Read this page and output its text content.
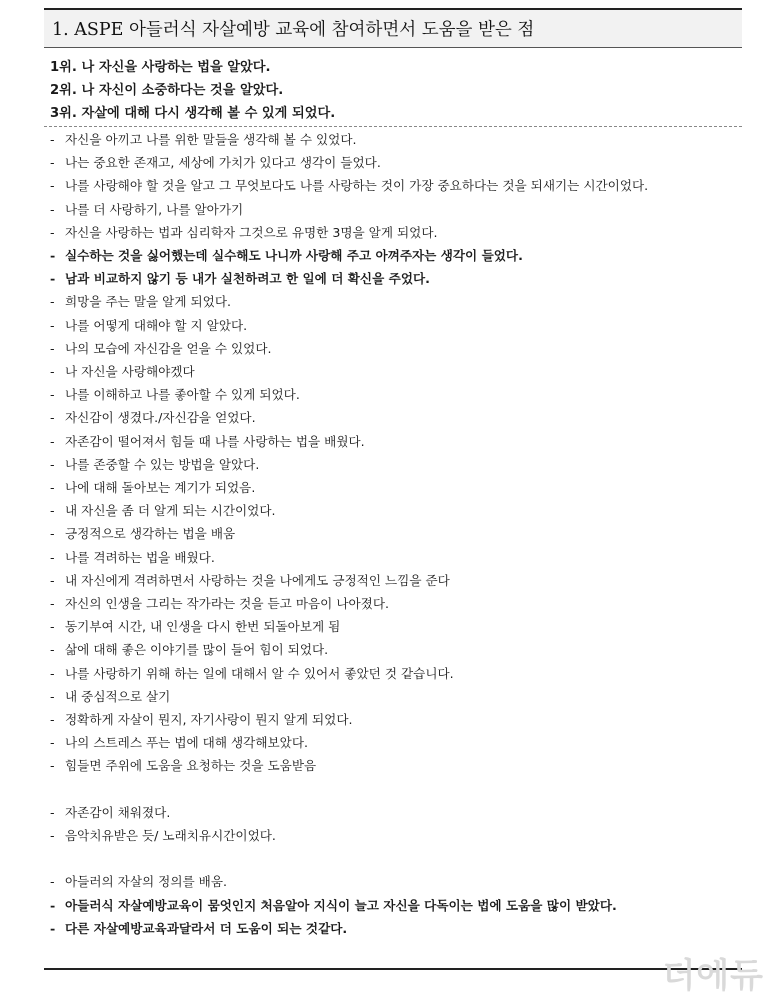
1. ASPE 아들러식 자살예방 교육에 참여하면서 도움을 받은 점
1위. 나 자신을 사랑하는 법을 알았다.
2위. 나 자신이 소중하다는 것을 알았다.
3위. 자살에 대해 다시 생각해 볼 수 있게 되었다.
- 자신을 아끼고 나를 위한 말들을 생각해 볼 수 있었다.
- 나는 중요한 존재고, 세상에 가치가 있다고 생각이 들었다.
- 나를 사랑해야 할 것을 알고 그 무엇보다도 나를 사랑하는 것이 가장 중요하다는 것을 되새기는 시간이었다.
- 나를 더 사랑하기, 나를 알아가기
- 자신을 사랑하는 법과 심리학자 그것으로 유명한 3명을 알게 되었다.
- 실수하는 것을 싫어했는데 실수해도 나니까 사랑해 주고 아껴주자는 생각이 들었다.
- 남과 비교하지 않기 등 내가 실천하려고 한 일에 더 확신을 주었다.
- 희망을 주는 말을 알게 되었다.
- 나를 어떻게 대해야 할 지 알았다.
- 나의 모습에 자신감을 얻을 수 있었다.
- 나 자신을 사랑해야겠다
- 나를 이해하고 나를 좋아할 수 있게 되었다.
- 자신감이 생겼다./자신감을 얻었다.
- 자존감이 떨어져서 힘들 때 나를 사랑하는 법을 배웠다.
- 나를 존중할 수 있는 방법을 알았다.
- 나에 대해 돌아보는 계기가 되었음.
- 내 자신을 좀 더 알게 되는 시간이었다.
- 긍정적으로 생각하는 법을 배움
- 나를 격려하는 법을 배웠다.
- 내 자신에게 격려하면서 사랑하는 것을 나에게도 긍정적인 느낌을 준다
- 자신의 인생을 그리는 작가라는 것을 듣고 마음이 나아졌다.
- 동기부여 시간, 내 인생을 다시 한번 되돌아보게 됨
- 삶에 대해 좋은 이야기를 많이 들어 힘이 되었다.
- 나를 사랑하기 위해 하는 일에 대해서 알 수 있어서 좋았던 것 같습니다.
- 내 중심적으로 살기
- 정확하게 자살이 뭔지, 자기사랑이 뭔지 알게 되었다.
- 나의 스트레스 푸는 법에 대해 생각해보았다.
- 힘들면 주위에 도움을 요청하는 것을 도움받음
- 자존감이 채워졌다.
- 음악치유받은 듯/ 노래치유시간이었다.
- 아들러의 자살의 정의를 배움.
- 아들러식 자살예방교육이 뭄엇인지 처음알아 지식이 늘고 자신을 다독이는 법에 도움을 많이 받았다.
- 다른 자살예방교육과달라서 더 도움이 되는 것같다.
더에듀
